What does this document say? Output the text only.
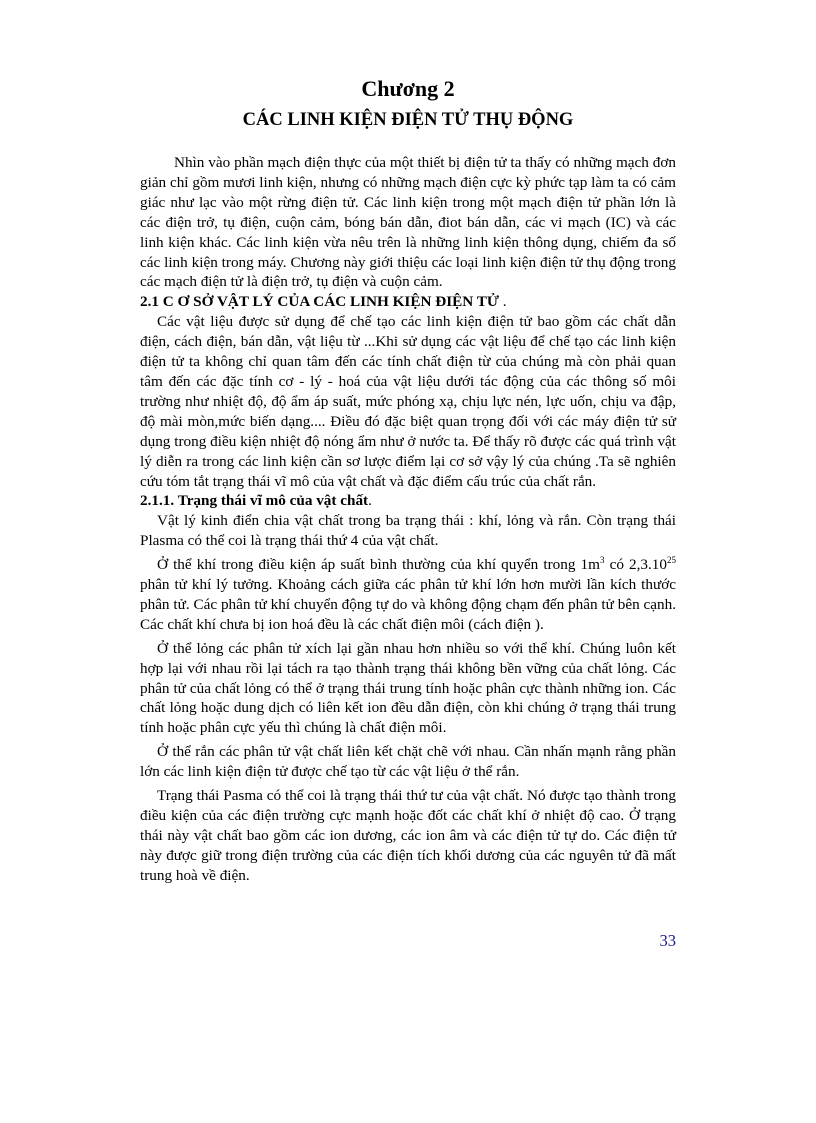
Chương 2
CÁC LINH KIỆN ĐIỆN TỬ THỤ ĐỘNG

Nhìn vào phần mạch điện thực của một thiết bị điện tử ta thấy có những mạch đơn giản chỉ gồm mươi linh kiện, nhưng có những mạch điện cực kỳ phức tạp làm ta có cảm giác như lạc vào một rừng điện tử. Các linh kiện trong một mạch điện tử phần lớn là các điện trở, tụ điện, cuộn cảm, bóng bán dẫn, điot bán dẫn, các vi mạch (IC) và các linh kiện khác. Các linh kiện vừa nêu trên là những linh kiện thông dụng, chiếm đa số các linh kiện trong máy. Chương này giới thiệu các loại linh kiện điện tử thụ động trong các mạch điện tử là điện trở, tụ điện và cuộn cảm.

2.1 C Ơ SỞ VẬT LÝ CỦA CÁC LINH KIỆN ĐIỆN TỬ .

Các vật liệu được sử dụng để chế tạo các linh kiện điện tử bao gồm các chất dẫn điện, cách điện, bán dẫn, vật liệu từ ...Khi sử dụng các vật liệu để chế tạo các linh kiện điện tử ta không chỉ quan tâm đến các tính chất điện từ của chúng mà còn phải quan tâm đến các đặc tính cơ - lý - hoá của vật liệu dưới tác động của các thông số môi trường như nhiệt độ, độ ẩm áp suất, mức phóng xạ, chịu lực nén, lực uốn, chịu va đập, độ mài mòn,mức biến dạng.... Điều đó đặc biệt quan trọng đối với các máy điện tử sử dụng trong điều kiện nhiệt độ nóng ẩm như ở nước ta. Để thấy rõ được các quá trình vật lý diễn ra trong các linh kiện cần sơ lược điểm lại cơ sở vậy lý của chúng .Ta sẽ nghiên cứu tóm tắt trạng thái vĩ mô của vật chất và đặc điểm cấu trúc của chất rắn.

2.1.1. Trạng thái vĩ mô của vật chất.

Vật lý kinh điển chia vật chất trong ba trạng thái : khí, lỏng và rắn. Còn trạng thái Plasma có thể coi là trạng thái thứ 4 của vật chất.

Ở thể khí trong điều kiện áp suất bình thường của khí quyển trong $1m^3$ có 2,3.10$^{25}$ phân tử khí lý tưởng. Khoảng cách giữa các phân tử khí lớn hơn mười lần kích thước phân tử. Các phân tử khí chuyển động tự do và không động chạm đến phân tử bên cạnh. Các chất khí chưa bị ion hoá đều là các chất điện môi (cách điện ).

Ở thể lỏng các phân tử xích lại gần nhau hơn nhiều so với thể khí. Chúng luôn kết hợp lại với nhau rồi lại tách ra tạo thành trạng thái không bền vững của chất lỏng. Các phân tử của chất lỏng có thể ở trạng thái trung tính hoặc phân cực thành những ion. Các chất lỏng hoặc dung dịch có liên kết ion đều dẫn điện, còn khi chúng ở trạng thái trung tính hoặc phân cực yếu thì chúng là chất điện môi.

Ở thể rắn các phân tử vật chất liên kết chặt chẽ với nhau. Cần nhấn mạnh rằng phần lớn các linh kiện điện tử được chế tạo từ các vật liệu ở thể rắn.

Trạng thái Pasma có thể coi là trạng thái thứ tư của vật chất. Nó được tạo thành trong điều kiện của các điện trường cực mạnh hoặc đốt các chất khí ở nhiệt độ cao. Ở trạng thái này vật chất bao gồm các ion dương, các ion âm và các điện tử tự do. Các điện tử này được giữ trong điện trường của các điện tích khối dương của các nguyên tử đã mất trung hoà về điện.

33
